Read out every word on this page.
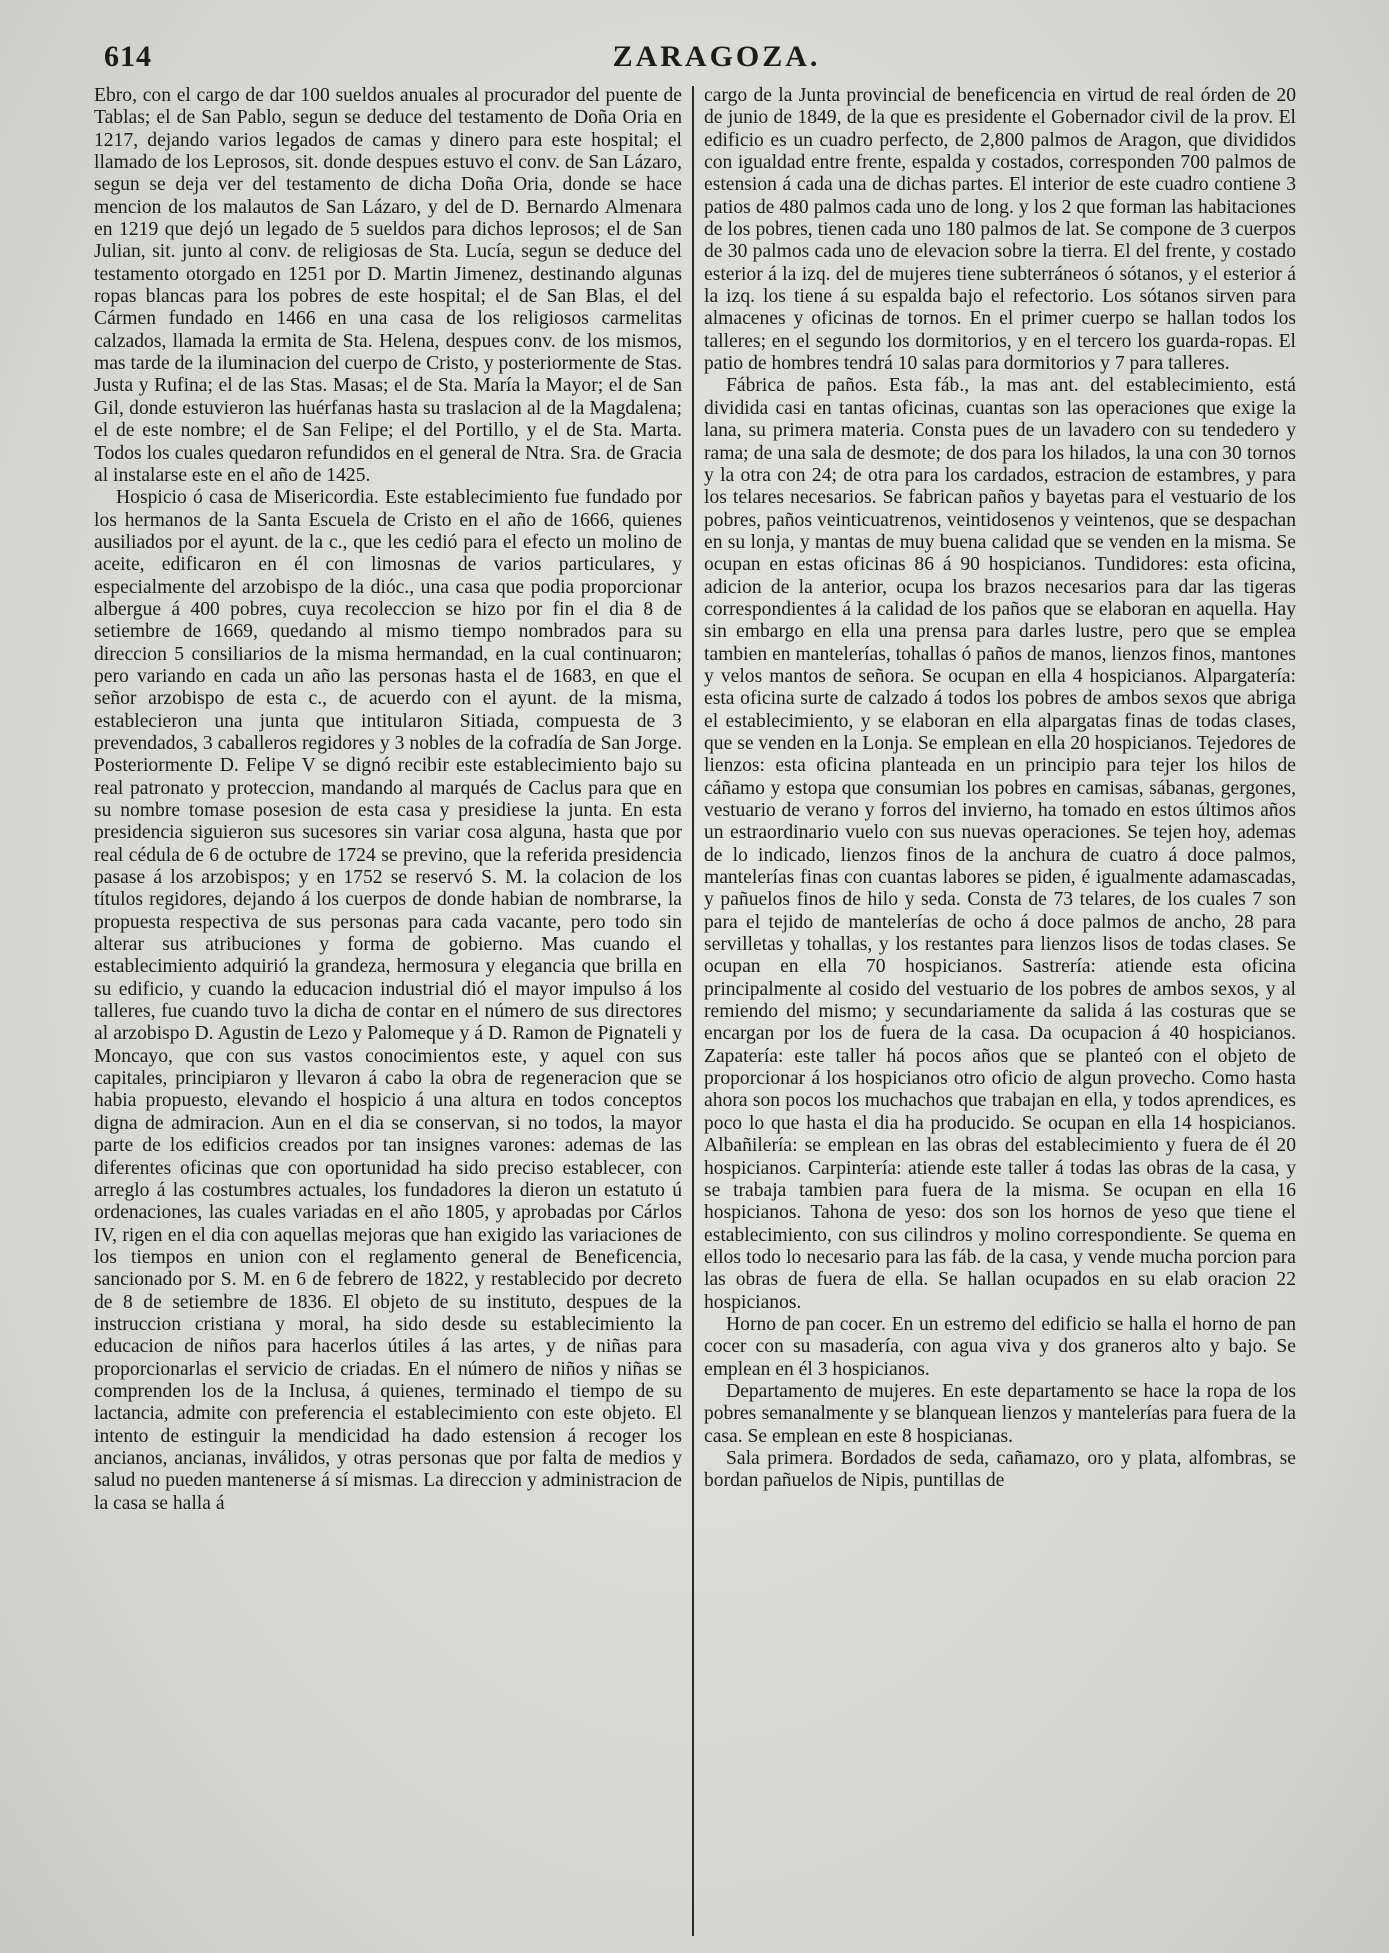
614	ZARAGOZA.

Ebro, con el cargo de dar 100 sueldos anuales al procurador del puente de Tablas; el de San Pablo, segun se deduce del testamento de Doña Oria en 1217, dejando varios legados de camas y dinero para este hospital; el llamado de los Leprosos, sit. donde despues estuvo el conv. de San Lázaro, segun se deja ver del testamento de dicha Doña Oria, donde se hace mencion de los malautos de San Lázaro, y del de D. Bernardo Almenara en 1219 que dejó un legado de 5 sueldos para dichos leprosos; el de San Julian, sit. junto al conv. de religiosas de Sta. Lucía, segun se deduce del testamento otorgado en 1251 por D. Martin Jimenez, destinando algunas ropas blancas para los pobres de este hospital; el de San Blas, el del Cármen fundado en 1466 en una casa de los religiosos carmelitas calzados, llamada la ermita de Sta. Helena, despues conv. de los mismos, mas tarde de la iluminacion del cuerpo de Cristo, y posteriormente de Stas. Justa y Rufina; el de las Stas. Masas; el de Sta. María la Mayor; el de San Gil, donde estuvieron las huérfanas hasta su traslacion al de la Magdalena; el de este nombre; el de San Felipe; el del Portillo, y el de Sta. Marta. Todos los cuales quedaron refundidos en el general de Ntra. Sra. de Gracia al instalarse este en el año de 1425.

Hospicio ó casa de Misericordia. Este establecimiento fue fundado por los hermanos de la Santa Escuela de Cristo en el año de 1666, quienes ausiliados por el ayunt. de la c., que les cedió para el efecto un molino de aceite, edificaron en él con limosnas de varios particulares, y especialmente del arzobispo de la dióc., una casa que podia proporcionar albergue á 400 pobres, cuya recoleccion se hizo por fin el dia 8 de setiembre de 1669, quedando al mismo tiempo nombrados para su direccion 5 consiliarios de la misma hermandad, en la cual continuaron; pero variando en cada un año las personas hasta el de 1683, en que el señor arzobispo de esta c., de acuerdo con el ayunt. de la misma, establecieron una junta que intitularon Sitiada, compuesta de 3 prevendados, 3 caballeros regidores y 3 nobles de la cofradía de San Jorge. Posteriormente D. Felipe V se dignó recibir este establecimiento bajo su real patronato y proteccion, mandando al marqués de Caclus para que en su nombre tomase posesion de esta casa y presidiese la junta. En esta presidencia siguieron sus sucesores sin variar cosa alguna, hasta que por real cédula de 6 de octubre de 1724 se previno, que la referida presidencia pasase á los arzobispos; y en 1752 se reservó S. M. la colacion de los títulos regidores, dejando á los cuerpos de donde habian de nombrarse, la propuesta respectiva de sus personas para cada vacante, pero todo sin alterar sus atribuciones y forma de gobierno. Mas cuando el establecimiento adquirió la grandeza, hermosura y elegancia que brilla en su edificio, y cuando la educacion industrial dió el mayor impulso á los talleres, fue cuando tuvo la dicha de contar en el número de sus directores al arzobispo D. Agustin de Lezo y Palomeque y á D. Ramon de Pignateli y Moncayo, que con sus vastos conocimientos este, y aquel con sus capitales, principiaron y llevaron á cabo la obra de regeneracion que se habia propuesto, elevando el hospicio á una altura en todos conceptos digna de admiracion. Aun en el dia se conservan, si no todos, la mayor parte de los edificios creados por tan insignes varones: ademas de las diferentes oficinas que con oportunidad ha sido preciso establecer, con arreglo á las costumbres actuales, los fundadores la dieron un estatuto ú ordenaciones, las cuales variadas en el año 1805, y aprobadas por Cárlos IV, rigen en el dia con aquellas mejoras que han exigido las variaciones de los tiempos en union con el reglamento general de Beneficencia, sancionado por S. M. en 6 de febrero de 1822, y restablecido por decreto de 8 de setiembre de 1836. El objeto de su instituto, despues de la instruccion cristiana y moral, ha sido desde su establecimiento la educacion de niños para hacerlos útiles á las artes, y de niñas para proporcionarlas el servicio de criadas. En el número de niños y niñas se comprenden los de la Inclusa, á quienes, terminado el tiempo de su lactancia, admite con preferencia el establecimiento con este objeto. El intento de estinguir la mendicidad ha dado estension á recoger los ancianos, ancianas, inválidos, y otras personas que por falta de medios y salud no pueden mantenerse á sí mismas. La direccion y administracion de la casa se halla á

cargo de la Junta provincial de beneficencia en virtud de real órden de 20 de junio de 1849, de la que es presidente el Gobernador civil de la prov. El edificio es un cuadro perfecto, de 2,800 palmos de Aragon, que divididos con igualdad entre frente, espalda y costados, corresponden 700 palmos de estension á cada una de dichas partes. El interior de este cuadro contiene 3 patios de 480 palmos cada uno de long. y los 2 que forman las habitaciones de los pobres, tienen cada uno 180 palmos de lat. Se compone de 3 cuerpos de 30 palmos cada uno de elevacion sobre la tierra. El del frente, y costado esterior á la izq. del de mujeres tiene subterráneos ó sótanos, y el esterior á la izq. los tiene á su espalda bajo el refectorio. Los sótanos sirven para almacenes y oficinas de tornos. En el primer cuerpo se hallan todos los talleres; en el segundo los dormitorios, y en el tercero los guarda-ropas. El patio de hombres tendrá 10 salas para dormitorios y 7 para talleres.

Fábrica de paños. Esta fáb., la mas ant. del establecimiento, está dividida casi en tantas oficinas, cuantas son las operaciones que exige la lana, su primera materia. Consta pues de un lavadero con su tendedero y rama; de una sala de desmote; de dos para los hilados, la una con 30 tornos y la otra con 24; de otra para los cardados, estracion de estambres, y para los telares necesarios. Se fabrican paños y bayetas para el vestuario de los pobres, paños veinticuatrenos, veintidosenos y veintenos, que se despachan en su lonja, y mantas de muy buena calidad que se venden en la misma. Se ocupan en estas oficinas 86 á 90 hospicianos. Tundidores: esta oficina, adicion de la anterior, ocupa los brazos necesarios para dar las tigeras correspondientes á la calidad de los paños que se elaboran en aquella. Hay sin embargo en ella una prensa para darles lustre, pero que se emplea tambien en mantelerías, tohallas ó paños de manos, lienzos finos, mantones y velos mantos de señora. Se ocupan en ella 4 hospicianos. Alpargatería: esta oficina surte de calzado á todos los pobres de ambos sexos que abriga el establecimiento, y se elaboran en ella alpargatas finas de todas clases, que se venden en la Lonja. Se emplean en ella 20 hospicianos. Tejedores de lienzos: esta oficina planteada en un principio para tejer los hilos de cáñamo y estopa que consumian los pobres en camisas, sábanas, gergones, vestuario de verano y forros del invierno, ha tomado en estos últimos años un estraordinario vuelo con sus nuevas operaciones. Se tejen hoy, ademas de lo indicado, lienzos finos de la anchura de cuatro á doce palmos, mantelerías finas con cuantas labores se piden, é igualmente adamascadas, y pañuelos finos de hilo y seda. Consta de 73 telares, de los cuales 7 son para el tejido de mantelerías de ocho á doce palmos de ancho, 28 para servilletas y tohallas, y los restantes para lienzos lisos de todas clases. Se ocupan en ella 70 hospicianos. Sastrería: atiende esta oficina principalmente al cosido del vestuario de los pobres de ambos sexos, y al remiendo del mismo; y secundariamente da salida á las costuras que se encargan por los de fuera de la casa. Da ocupacion á 40 hospicianos. Zapatería: este taller há pocos años que se planteó con el objeto de proporcionar á los hospicianos otro oficio de algun provecho. Como hasta ahora son pocos los muchachos que trabajan en ella, y todos aprendices, es poco lo que hasta el dia ha producido. Se ocupan en ella 14 hospicianos. Albañilería: se emplean en las obras del establecimiento y fuera de él 20 hospicianos. Carpintería: atiende este taller á todas las obras de la casa, y se trabaja tambien para fuera de la misma. Se ocupan en ella 16 hospicianos. Tahona de yeso: dos son los hornos de yeso que tiene el establecimiento, con sus cilindros y molino correspondiente. Se quema en ellos todo lo necesario para las fáb. de la casa, y vende mucha porcion para las obras de fuera de ella. Se hallan ocupados en su elab oracion 22 hospicianos.

Horno de pan cocer. En un estremo del edificio se halla el horno de pan cocer con su masadería, con agua viva y dos graneros alto y bajo. Se emplean en él 3 hospicianos.

Departamento de mujeres. En este departamento se hace la ropa de los pobres semanalmente y se blanquean lienzos y mantelerías para fuera de la casa. Se emplean en este 8 hospicianas.

Sala primera. Bordados de seda, cañamazo, oro y plata, alfombras, se bordan pañuelos de Nipis, puntillas de
